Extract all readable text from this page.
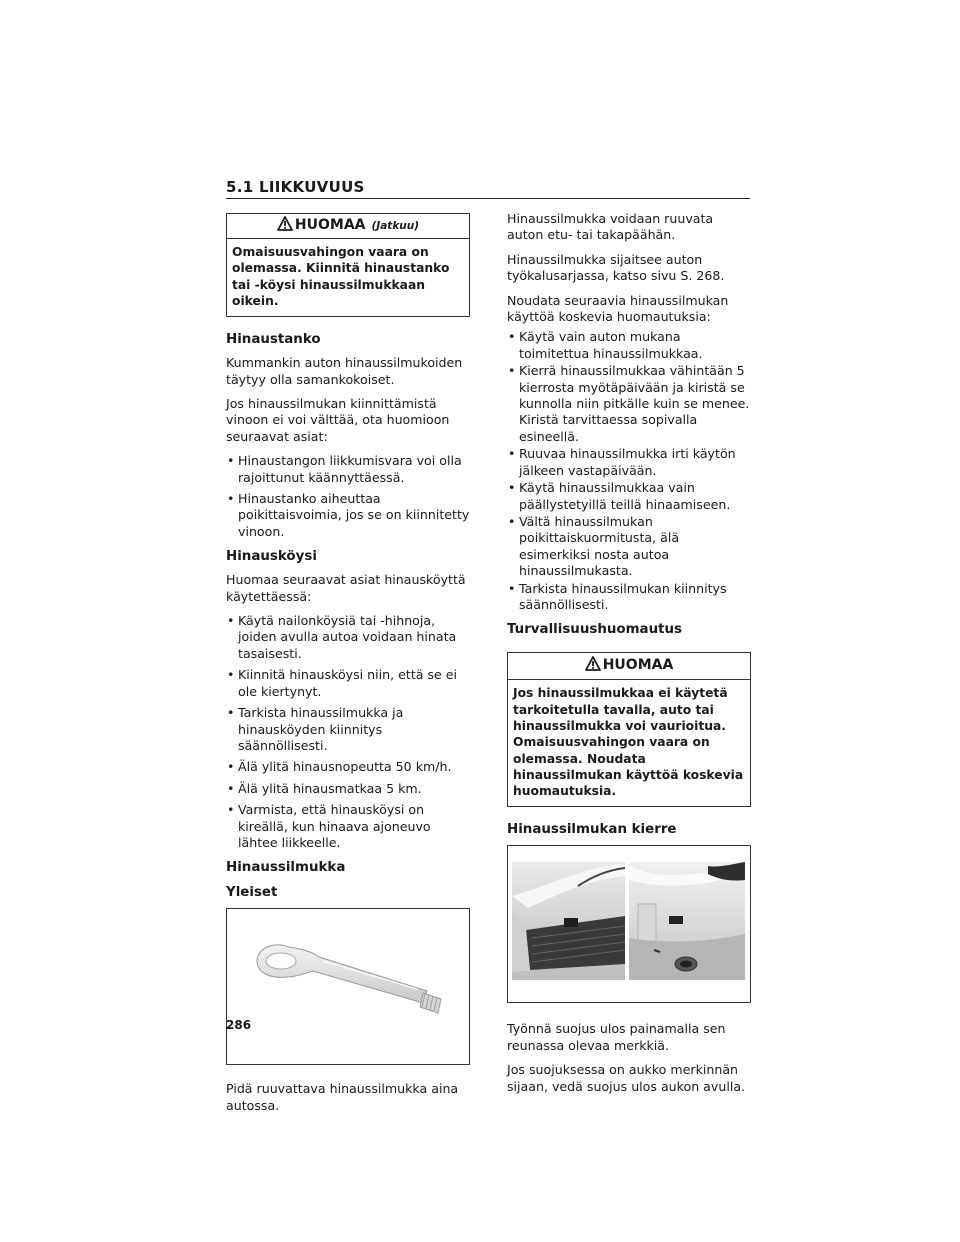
5.1 LIIKKUVUUS
HUOMAA (Jatkuu)
Omaisuusvahingon vaara on olemassa. Kiinnitä hinaustanko tai -köysi hinaussilmukkaan oikein.
Hinaustanko

Kummankin auton hinaussilmukoiden täytyy olla samankokoiset.

Jos hinaussilmukan kiinnittämistä vinoon ei voi välttää, ota huomioon seuraavat asiat:

• Hinaustangon liikkumisvara voi olla rajoittunut käännyttäessä.
• Hinaustanko aiheuttaa poikittaisvoimia, jos se on kiinnitetty vinoon.
Hinausköysi

Huomaa seuraavat asiat hinausköyttä käytettäessä:

• Käytä nailonköysiä tai -hihnoja, joiden avulla autoa voidaan hinata tasaisesti.
• Kiinnitä hinausköysi niin, että se ei ole kiertynyt.
• Tarkista hinaussilmukka ja hinausköyden kiinnitys säännöllisesti.
• Älä ylitä hinausnopeutta 50 km/h.
• Älä ylitä hinausmatkaa 5 km.
• Varmista, että hinausköysi on kireällä, kun hinaava ajoneuvo lähtee liikkeelle.
Hinaussilmukka
Yleiset

Pidä ruuvattava hinaussilmukka aina autossa.

Hinaussilmukka voidaan ruuvata auton etu- tai takapäähän.

Hinaussilmukka sijaitsee auton työkalusarjassa, katso sivu S. 268.

Noudata seuraavia hinaussilmukan käyttöä koskevia huomautuksia:

• Käytä vain auton mukana toimitettua hinaussilmukkaa.
• Kierrä hinaussilmukkaa vähintään 5 kierrosta myötäpäivään ja kiristä se kunnolla niin pitkälle kuin se menee. Kiristä tarvittaessa sopivalla esineellä.
• Ruuvaa hinaussilmukka irti käytön jälkeen vastapäivään.
• Käytä hinaussilmukkaa vain päällystetyillä teillä hinaamiseen.
• Vältä hinaussilmukan poikittaiskuormitusta, älä esimerkiksi nosta autoa hinaussilmukasta.
• Tarkista hinaussilmukan kiinnitys säännöllisesti.
Turvallisuushuomautus
HUOMAA
Jos hinaussilmukkaa ei käytetä tarkoitetulla tavalla, auto tai hinaussilmukka voi vaurioitua. Omaisuusvahingon vaara on olemassa. Noudata hinaussilmukan käyttöä koskevia huomautuksia.
Hinaussilmukan kierre

Työnnä suojus ulos painamalla sen reunassa olevaa merkkiä.

Jos suojuksessa on aukko merkinnän sijaan, vedä suojus ulos aukon avulla.

286
